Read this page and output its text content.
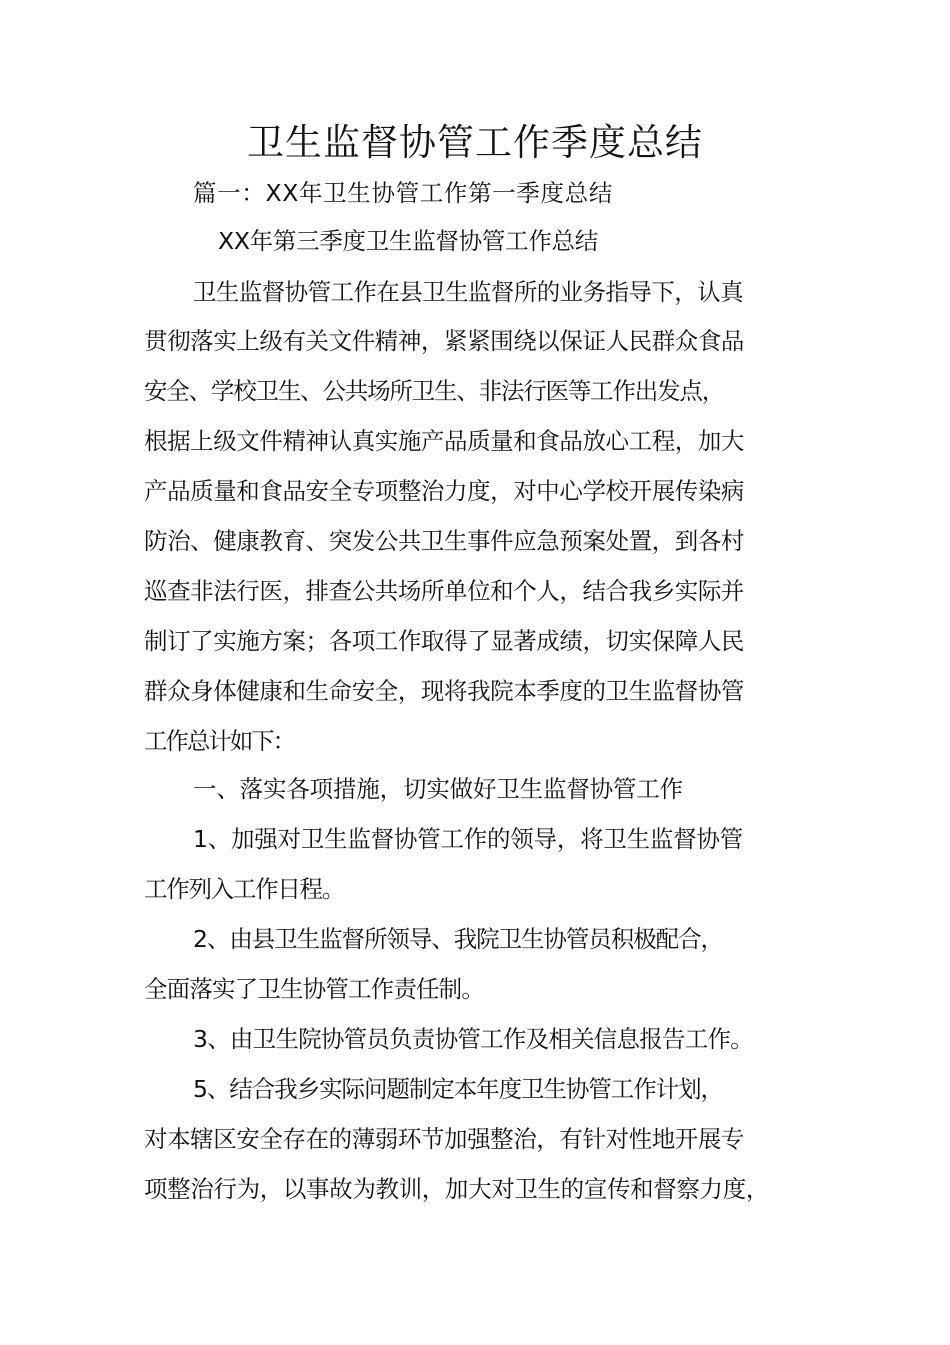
卫生监督协管工作季度总结

篇一：XX年卫生协管工作第一季度总结

XX年第三季度卫生监督协管工作总结

卫生监督协管工作在县卫生监督所的业务指导下，认真

贯彻落实上级有关文件精神，紧紧围绕以保证人民群众食品

安全、学校卫生、公共场所卫生、非法行医等工作出发点，

根据上级文件精神认真实施产品质量和食品放心工程，加大

产品质量和食品安全专项整治力度，对中心学校开展传染病

防治、健康教育、突发公共卫生事件应急预案处置，到各村

巡查非法行医，排查公共场所单位和个人，结合我乡实际并

制订了实施方案；各项工作取得了显著成绩，切实保障人民

群众身体健康和生命安全，现将我院本季度的卫生监督协管

工作总计如下：

一、落实各项措施，切实做好卫生监督协管工作

1、加强对卫生监督协管工作的领导，将卫生监督协管

工作列入工作日程。

2、由县卫生监督所领导、我院卫生协管员积极配合，

全面落实了卫生协管工作责任制。

3、由卫生院协管员负责协管工作及相关信息报告工作。

5、结合我乡实际问题制定本年度卫生协管工作计划，

对本辖区安全存在的薄弱环节加强整治，有针对性地开展专

项整治行为，以事故为教训，加大对卫生的宣传和督察力度，
